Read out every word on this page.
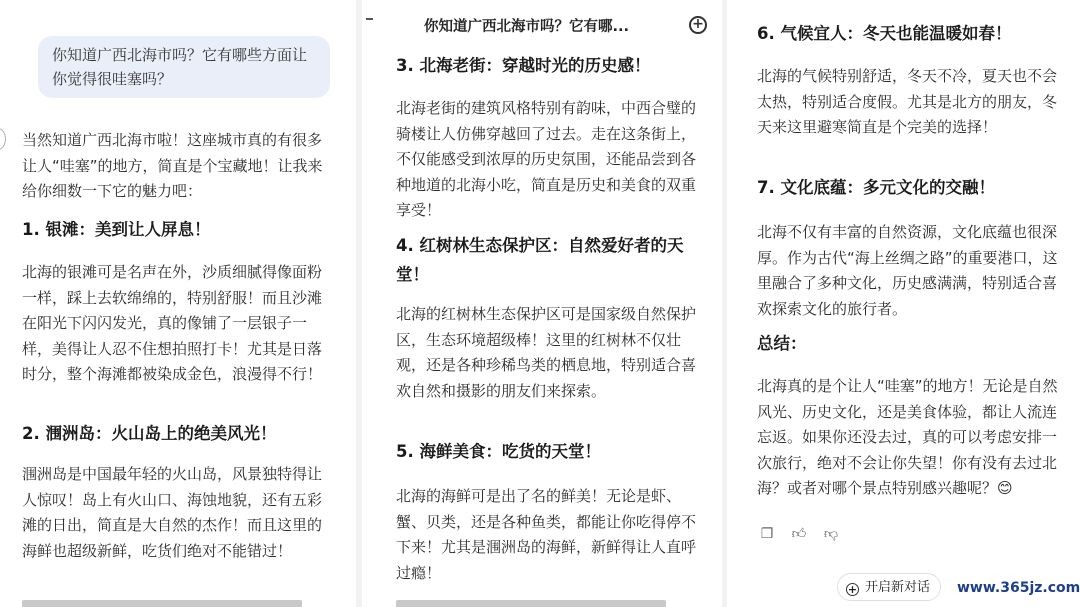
你知道广西北海市吗？它有哪些方面让你觉得很哇塞吗？

当然知道广西北海市啦！这座城市真的有很多让人“哇塞”的地方，简直是个宝藏地！让我来给你细数一下它的魅力吧：

1. 银滩：美到让人屏息！

北海的银滩可是名声在外，沙质细腻得像面粉一样，踩上去软绵绵的，特别舒服！而且沙滩在阳光下闪闪发光，真的像铺了一层银子一样，美得让人忍不住想拍照打卡！尤其是日落时分，整个海滩都被染成金色，浪漫得不行！

2. 涠洲岛：火山岛上的绝美风光！

涠洲岛是中国最年轻的火山岛，风景独特得让人惊叹！岛上有火山口、海蚀地貌，还有五彩滩的日出，简直是大自然的杰作！而且这里的海鲜也超级新鲜，吃货们绝对不能错过！

你知道广西北海市吗？它有哪...	+

3. 北海老街：穿越时光的历史感！

北海老街的建筑风格特别有韵味，中西合璧的骑楼让人仿佛穿越回了过去。走在这条街上，不仅能感受到浓厚的历史氛围，还能品尝到各种地道的北海小吃，简直是历史和美食的双重享受！

4. 红树林生态保护区：自然爱好者的天堂！

北海的红树林生态保护区可是国家级自然保护区，生态环境超级棒！这里的红树林不仅壮观，还是各种珍稀鸟类的栖息地，特别适合喜欢自然和摄影的朋友们来探索。

5. 海鲜美食：吃货的天堂！

北海的海鲜可是出了名的鲜美！无论是虾、蟹、贝类，还是各种鱼类，都能让你吃得停不下来！尤其是涠洲岛的海鲜，新鲜得让人直呼过瘾！

6. 气候宜人：冬天也能温暖如春！

北海的气候特别舒适，冬天不冷，夏天也不会太热，特别适合度假。尤其是北方的朋友，冬天来这里避寒简直是个完美的选择！

7. 文化底蕴：多元文化的交融！

北海不仅有丰富的自然资源，文化底蕴也很深厚。作为古代“海上丝绸之路”的重要港口，这里融合了多种文化，历史感满满，特别适合喜欢探索文化的旅行者。

总结：

北海真的是个让人“哇塞”的地方！无论是自然风光、历史文化，还是美食体验，都让人流连忘返。如果你还没去过，真的可以考虑安排一次旅行，绝对不会让你失望！你有没有去过北海？或者对哪个景点特别感兴趣呢？😊

❐ 👍︎ 👎︎
+ 开启新对话	www.365jz.com
